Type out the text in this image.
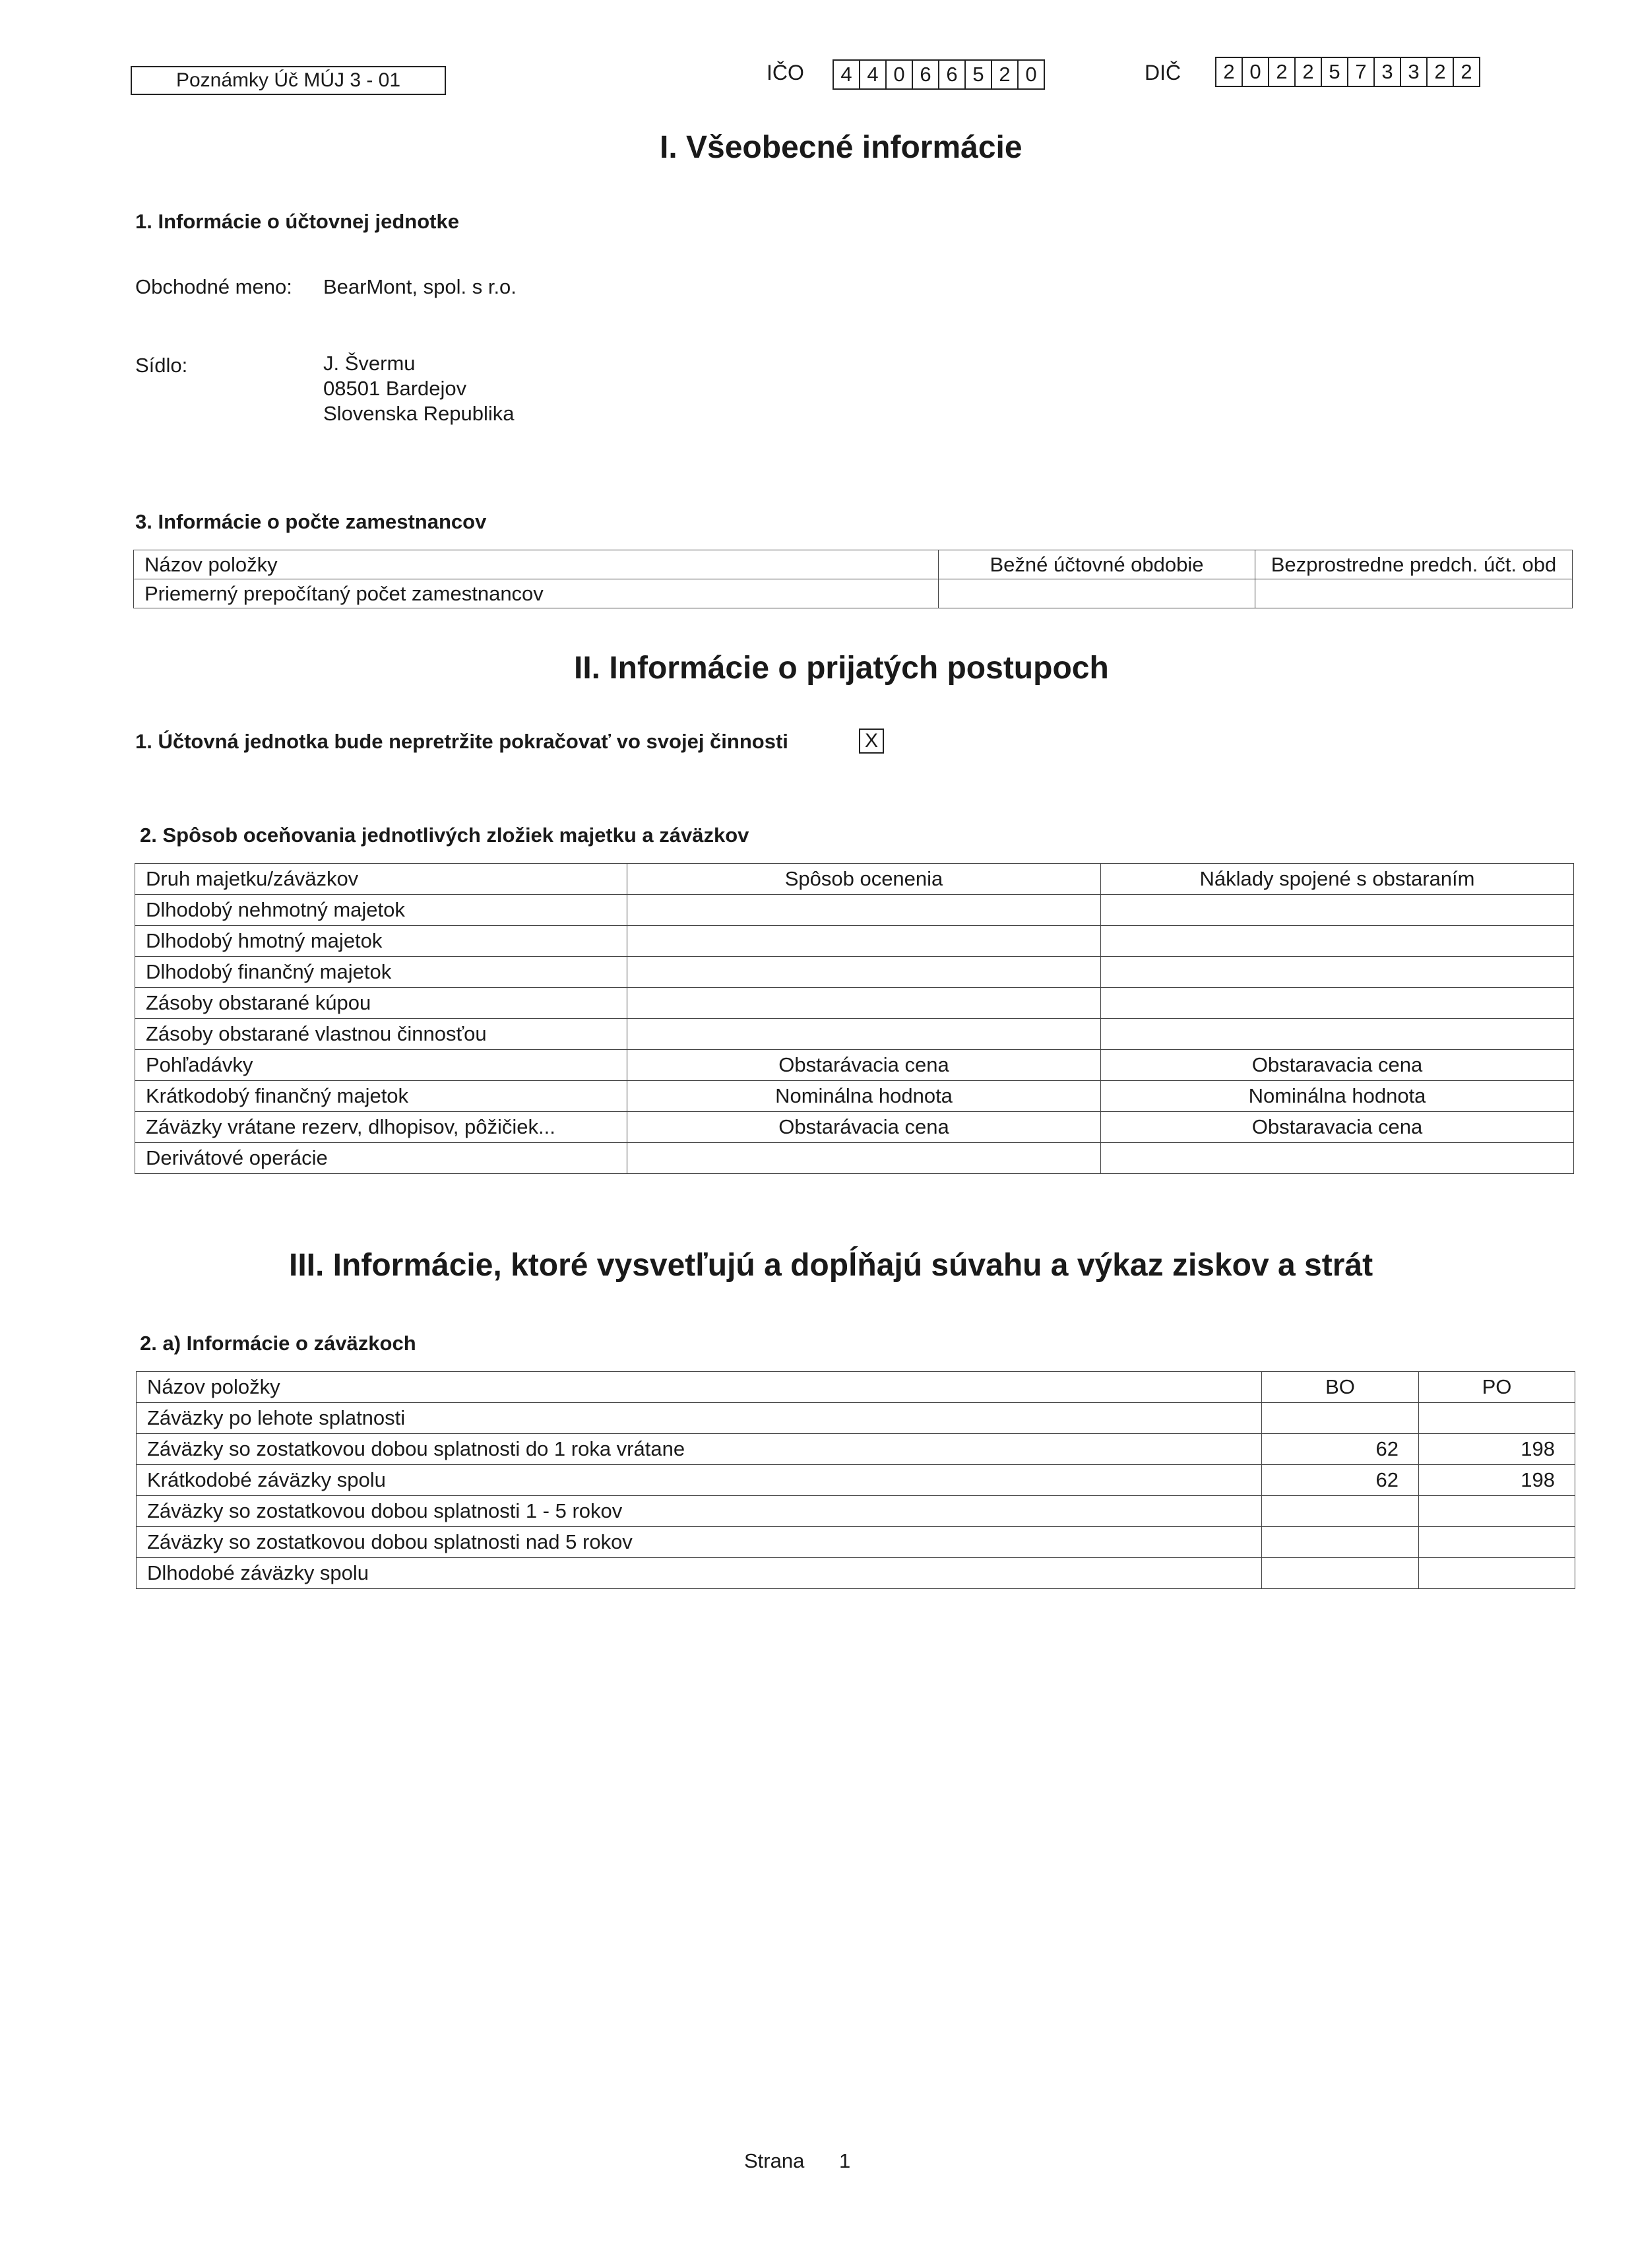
Poznámky Úč MÚJ 3 - 01	IČO	4 4 0 6 6 5 2 0	DIČ	2 0 2 2 5 7 3 3 2 2
I. Všeobecné informácie
1. Informácie o účtovnej jednotke
Obchodné meno: BearMont, spol. s r.o.
Sídlo:	J. Švermu
08501 Bardejov
Slovenska Republika
3. Informácie o počte zamestnancov
Názov položky	Bežné účtovné obdobie	Bezprostredne predch. účt. obd
Priemerný prepočítaný počet zamestnancov		
II. Informácie o prijatých postupoch
1. Účtovná jednotka bude nepretržite pokračovať vo svojej činnosti	X
2. Spôsob oceňovania jednotlivých zložiek majetku a záväzkov
Druh majetku/záväzkov	Spôsob ocenenia	Náklady spojené s obstaraním
Dlhodobý nehmotný majetok		
Dlhodobý hmotný majetok		
Dlhodobý finančný majetok		
Zásoby obstarané kúpou		
Zásoby obstarané vlastnou činnosťou		
Pohľadávky	Obstarávacia cena	Obstaravacia cena
Krátkodobý finančný majetok	Nominálna hodnota	Nominálna hodnota
Záväzky vrátane rezerv, dlhopisov, pôžičiek...	Obstarávacia cena	Obstaravacia cena
Derivátové operácie		
III. Informácie, ktoré vysvetľujú a dopĺňajú súvahu a výkaz ziskov a strát
2. a) Informácie o záväzkoch
Názov položky	BO	PO
Záväzky po lehote splatnosti		
Záväzky so zostatkovou dobou splatnosti do 1 roka vrátane	62	198
Krátkodobé záväzky spolu	62	198
Záväzky so zostatkovou dobou splatnosti 1 - 5 rokov		
Záväzky so zostatkovou dobou splatnosti nad 5 rokov		
Dlhodobé záväzky spolu		
Strana 1
